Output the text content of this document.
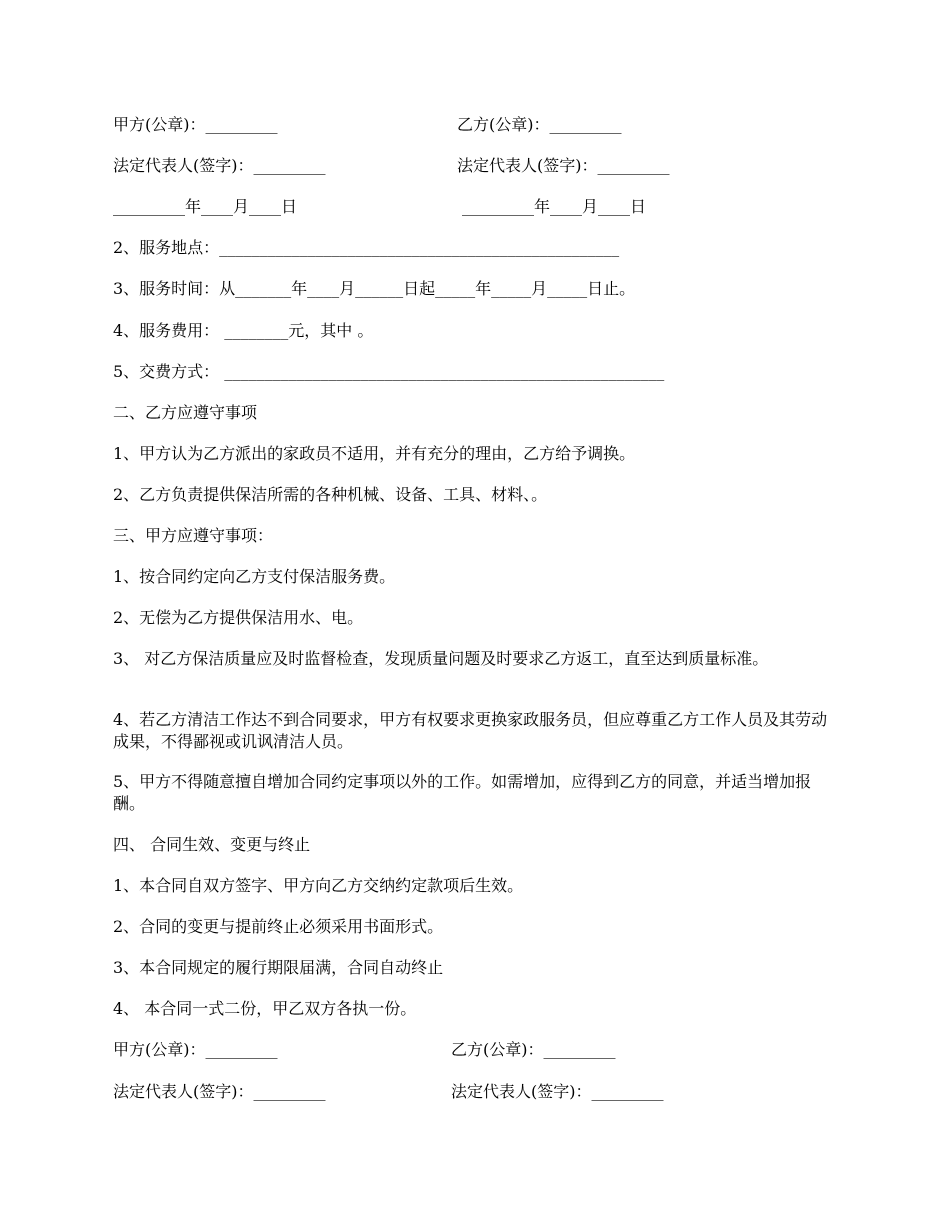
甲方(公章)：_________	乙方(公章)：_________
法定代表人(签字)：_________	法定代表人(签字)：_________
_________年____月____日	_________年____月____日
2、服务地点：__________________________________________________
3、服务时间：从_______年____月______日起_____年_____月_____日止。
4、服务费用： ________元，其中 。
5、交费方式： _______________________________________________________
二、乙方应遵守事项
1、甲方认为乙方派出的家政员不适用，并有充分的理由，乙方给予调换。
2、乙方负责提供保洁所需的各种机械、设备、工具、材料、。
三、甲方应遵守事项：
1、按合同约定向乙方支付保洁服务费。
2、无偿为乙方提供保洁用水、电。
3、 对乙方保洁质量应及时监督检查，发现质量问题及时要求乙方返工，直至达到质量标准。
4、若乙方清洁工作达不到合同要求，甲方有权要求更换家政服务员，但应尊重乙方工作人员及其劳动成果，不得鄙视或讥讽清洁人员。
5、甲方不得随意擅自增加合同约定事项以外的工作。如需增加，应得到乙方的同意，并适当增加报酬。
四、 合同生效、变更与终止
1、本合同自双方签字、甲方向乙方交纳约定款项后生效。
2、合同的变更与提前终止必须采用书面形式。
3、本合同规定的履行期限届满，合同自动终止
4、 本合同一式二份，甲乙双方各执一份。
甲方(公章)：_________	乙方(公章)：_________
法定代表人(签字)：_________	法定代表人(签字)：_________
